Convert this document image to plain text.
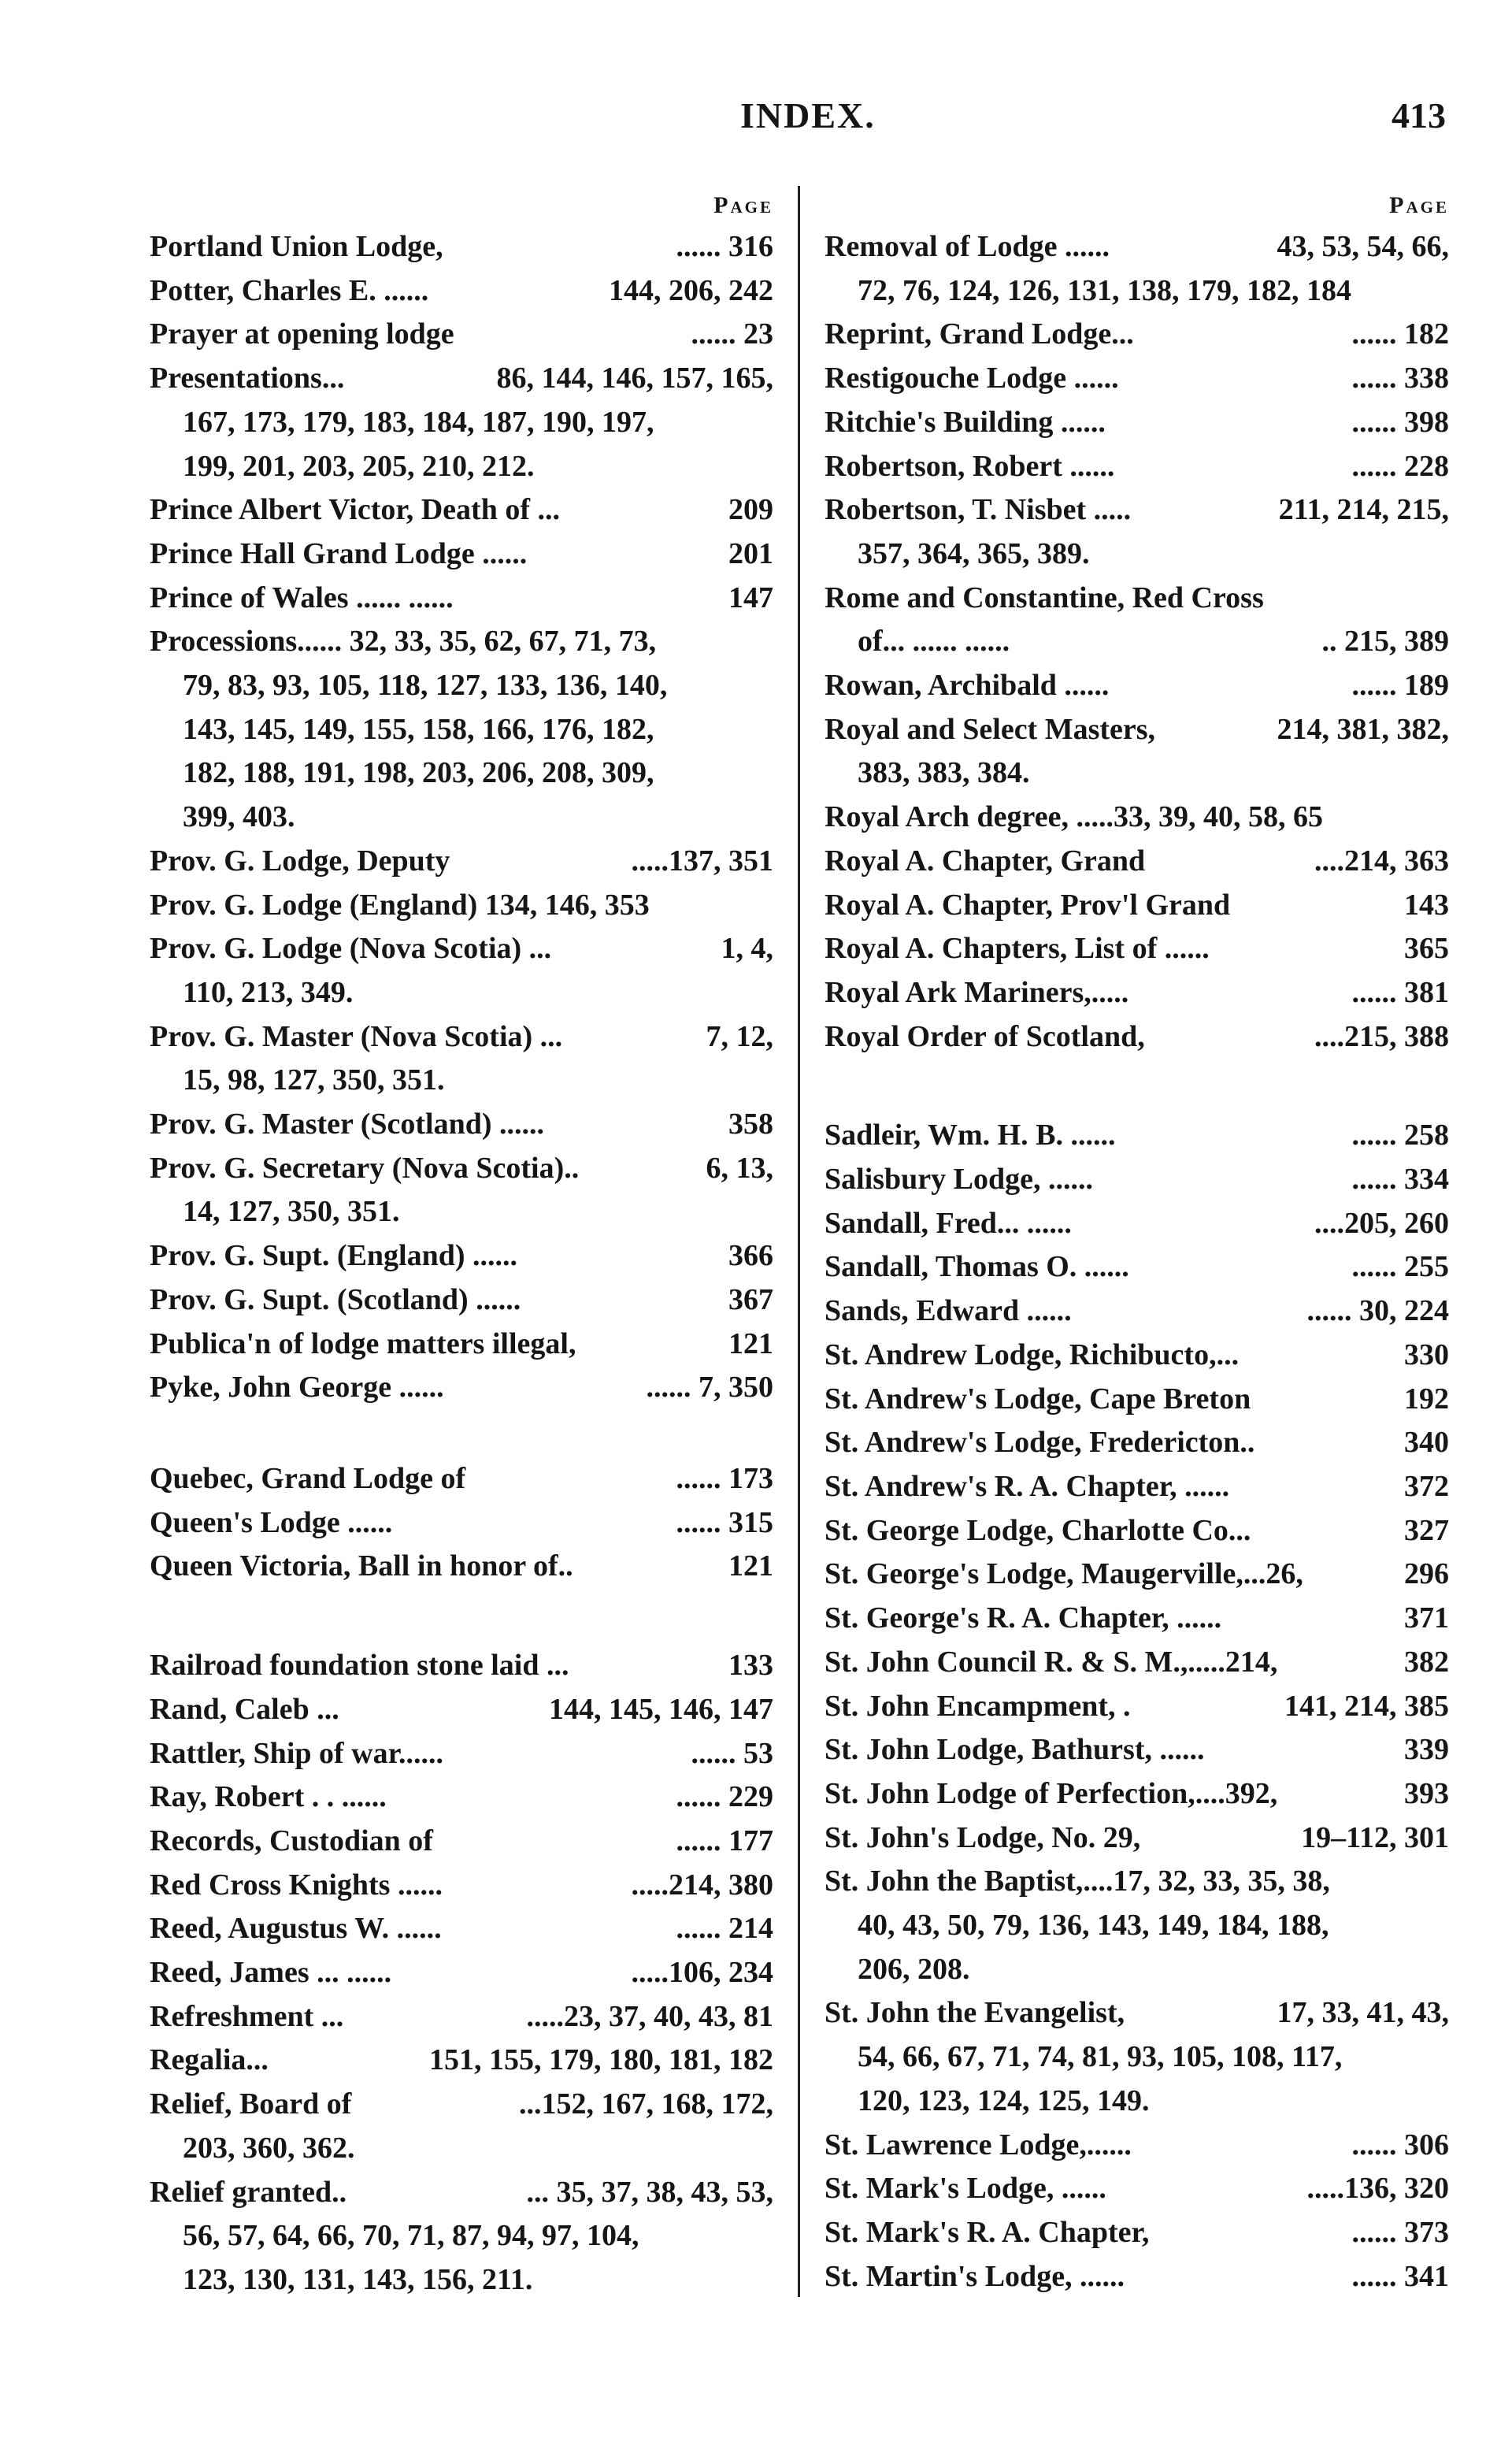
INDEX.	413
Page
Portland Union Lodge,	...... 316
Potter, Charles E. ......	144, 206, 242
Prayer at opening lodge	...... 23
Presentations...	86, 144, 146, 157, 165,
167, 173, 179, 183, 184, 187, 190, 197,
199, 201, 203, 205, 210, 212.
Prince Albert Victor, Death of ...	209
Prince Hall Grand Lodge ......	201
Prince of Wales ...... ......	147
Processions...... 32, 33, 35, 62, 67, 71, 73,
79, 83, 93, 105, 118, 127, 133, 136, 140,
143, 145, 149, 155, 158, 166, 176, 182,
182, 188, 191, 198, 203, 206, 208, 309,
399, 403.
Prov. G. Lodge, Deputy	.....137, 351
Prov. G. Lodge (England) 134, 146, 353
Prov. G. Lodge (Nova Scotia) ...	1, 4,
110, 213, 349.
Prov. G. Master (Nova Scotia) ...	7, 12,
15, 98, 127, 350, 351.
Prov. G. Master (Scotland) ......	358
Prov. G. Secretary (Nova Scotia)..	6, 13,
14, 127, 350, 351.
Prov. G. Supt. (England) ......	366
Prov. G. Supt. (Scotland) ......	367
Publica'n of lodge matters illegal,	121
Pyke, John George ......	...... 7, 350
Quebec, Grand Lodge of	...... 173
Queen's Lodge ......	...... 315
Queen Victoria, Ball in honor of..	121
Railroad foundation stone laid ...	133
Rand, Caleb ...	144, 145, 146, 147
Rattler, Ship of war......	...... 53
Ray, Robert . . ......	...... 229
Records, Custodian of	...... 177
Red Cross Knights ......	.....214, 380
Reed, Augustus W. ......	...... 214
Reed, James ... ......	.....106, 234
Refreshment ...	.....23, 37, 40, 43, 81
Regalia...	151, 155, 179, 180, 181, 182
Relief, Board of	...152, 167, 168, 172,
203, 360, 362.
Relief granted..	... 35, 37, 38, 43, 53,
56, 57, 64, 66, 70, 71, 87, 94, 97, 104,
123, 130, 131, 143, 156, 211.
Page
Removal of Lodge ......	43, 53, 54, 66,
72, 76, 124, 126, 131, 138, 179, 182, 184
Reprint, Grand Lodge...	...... 182
Restigouche Lodge ......	...... 338
Ritchie's Building ......	...... 398
Robertson, Robert ......	...... 228
Robertson, T. Nisbet .....	211, 214, 215,
357, 364, 365, 389.
Rome and Constantine, Red Cross
of... ...... ......	.. 215, 389
Rowan, Archibald ......	...... 189
Royal and Select Masters,	214, 381, 382,
383, 383, 384.
Royal Arch degree, .....33, 39, 40, 58, 65
Royal A. Chapter, Grand	....214, 363
Royal A. Chapter, Prov'l Grand	143
Royal A. Chapters, List of ......	365
Royal Ark Mariners,.....	...... 381
Royal Order of Scotland,	....215, 388
Sadleir, Wm. H. B. ......	...... 258
Salisbury Lodge, ......	...... 334
Sandall, Fred... ......	....205, 260
Sandall, Thomas O. ......	...... 255
Sands, Edward ......	...... 30, 224
St. Andrew Lodge, Richibucto,...	330
St. Andrew's Lodge, Cape Breton	192
St. Andrew's Lodge, Fredericton..	340
St. Andrew's R. A. Chapter, ......	372
St. George Lodge, Charlotte Co...	327
St. George's Lodge, Maugerville,...26,	296
St. George's R. A. Chapter, ......	371
St. John Council R. & S. M.,.....214,	382
St. John Encampment, .	141, 214, 385
St. John Lodge, Bathurst, ......	339
St. John Lodge of Perfection,....392,	393
St. John's Lodge, No. 29,	19–112, 301
St. John the Baptist,....17, 32, 33, 35, 38,
40, 43, 50, 79, 136, 143, 149, 184, 188,
206, 208.
St. John the Evangelist,	17, 33, 41, 43,
54, 66, 67, 71, 74, 81, 93, 105, 108, 117,
120, 123, 124, 125, 149.
St. Lawrence Lodge,......	...... 306
St. Mark's Lodge, ......	.....136, 320
St. Mark's R. A. Chapter,	...... 373
St. Martin's Lodge, ......	...... 341
